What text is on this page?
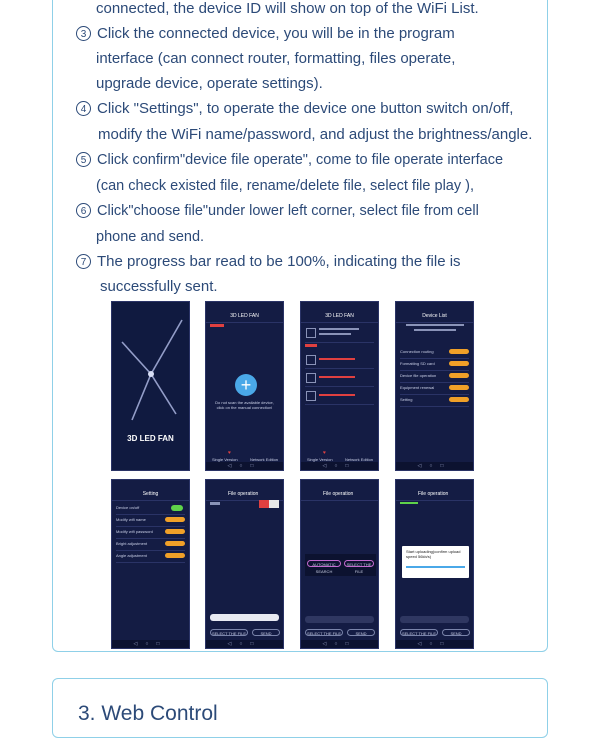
connected, the device ID will show on top of the WiFi List.
3 Click the connected device, you will be in the program
interface (can connect router, formatting, files operate,
upgrade device, operate settings).
4 Click "Settings", to operate the device one button switch on/off,
modify the WiFi name/password, and adjust the brightness/angle.
5 Click confirm"device file operate", come to file operate interface
(can check existed file, rename/delete file, select file play ),
6 Click"choose file"under lower left corner, select file from cell
phone and send.
7 The progress bar read to be 100%, indicating the file is
successfully sent.
3D LED FAN
3D LED FAN
+
Do not scan the available device, click on the manual connection!
♥
Single Version	Network Edition
◁○□
3D LED FAN
♥
Single Version	Network Edition
◁○□
Device List
Connection routing
Formatting SD card
Device file operation
Equipment renewal
Setting
◁○□
Setting
Device on/off
Modify wifi name
Modify wifi password
Bright adjustment
Angle adjustment
◁○□
File operation
SELECT THE FILE	SEND
◁○□
File operation
AUTOMATIC SEARCH
SELECT THE FILE
SELECT THE FILE	SEND
◁○□
File operation
Start uploading(confirm upload speed 56kb/s)
SELECT THE FILE	SEND
◁○□
3. Web Control
